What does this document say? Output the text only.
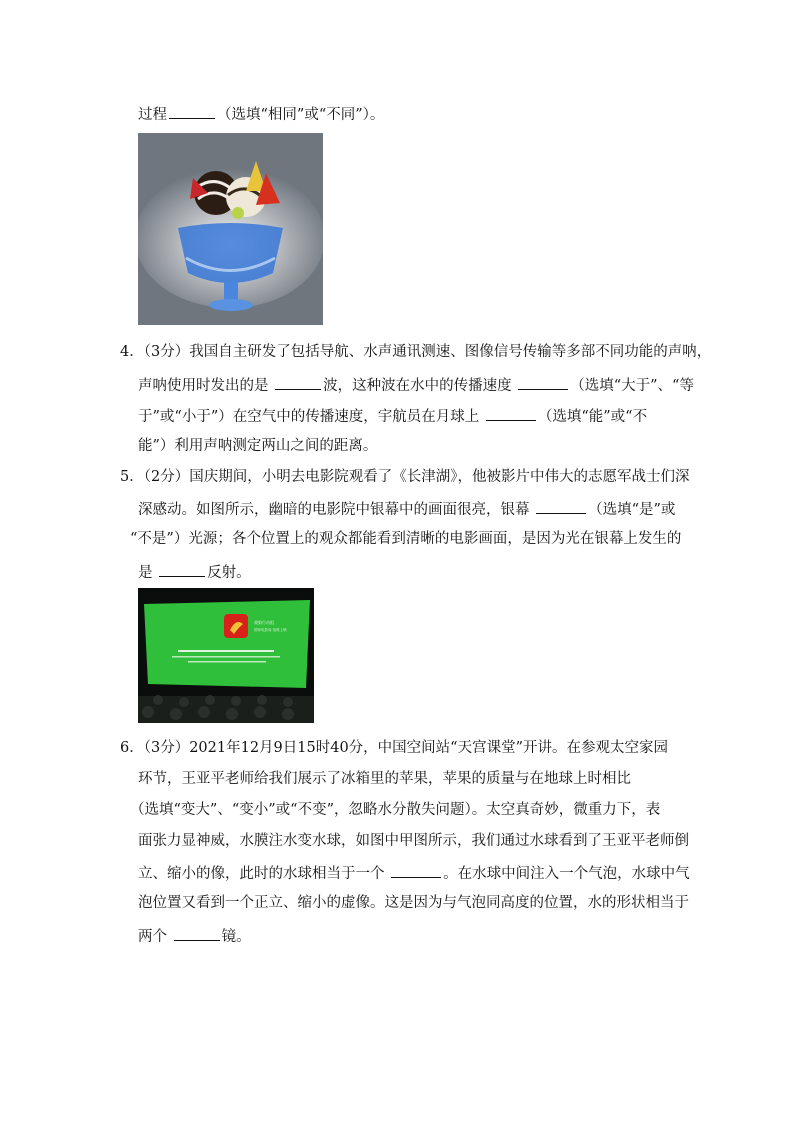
过程	（选填“相同”或“不同”）。
4．（3分）我国自主研发了包括导航、水声通讯测速、图像信号传输等多部不同功能的声呐，
声呐使用时发出的是	波，这种波在水中的传播速度	（选填“大于”、“等
于”或“小于”）在空气中的传播速度，宇航员在月球上	（选填“能”或“不
能”）利用声呐测定两山之间的距离。
5．（2分）国庆期间，小明去电影院观看了《长津湖》，他被影片中伟大的志愿军战士们深
深感动。如图所示，幽暗的电影院中银幕中的画面很亮，银幕	（选填“是”或
“不是”）光源；各个位置上的观众都能看到清晰的电影画面，是因为光在银幕上发生的
是	反射。
战狼行动组
国家电影局 批准上映
6．（3分）2021年12月9日15时40分，中国空间站“天宫课堂”开讲。在参观太空家园
环节，王亚平老师给我们展示了冰箱里的苹果，苹果的质量与在地球上时相比
（选填“变大”、“变小”或“不变”，忽略水分散失问题）。太空真奇妙，微重力下，表
面张力显神威，水膜注水变水球，如图中甲图所示，我们通过水球看到了王亚平老师倒
立、缩小的像，此时的水球相当于一个	。在水球中间注入一个气泡，水球中气
泡位置又看到一个正立、缩小的虚像。这是因为与气泡同高度的位置，水的形状相当于
两个	镜。
